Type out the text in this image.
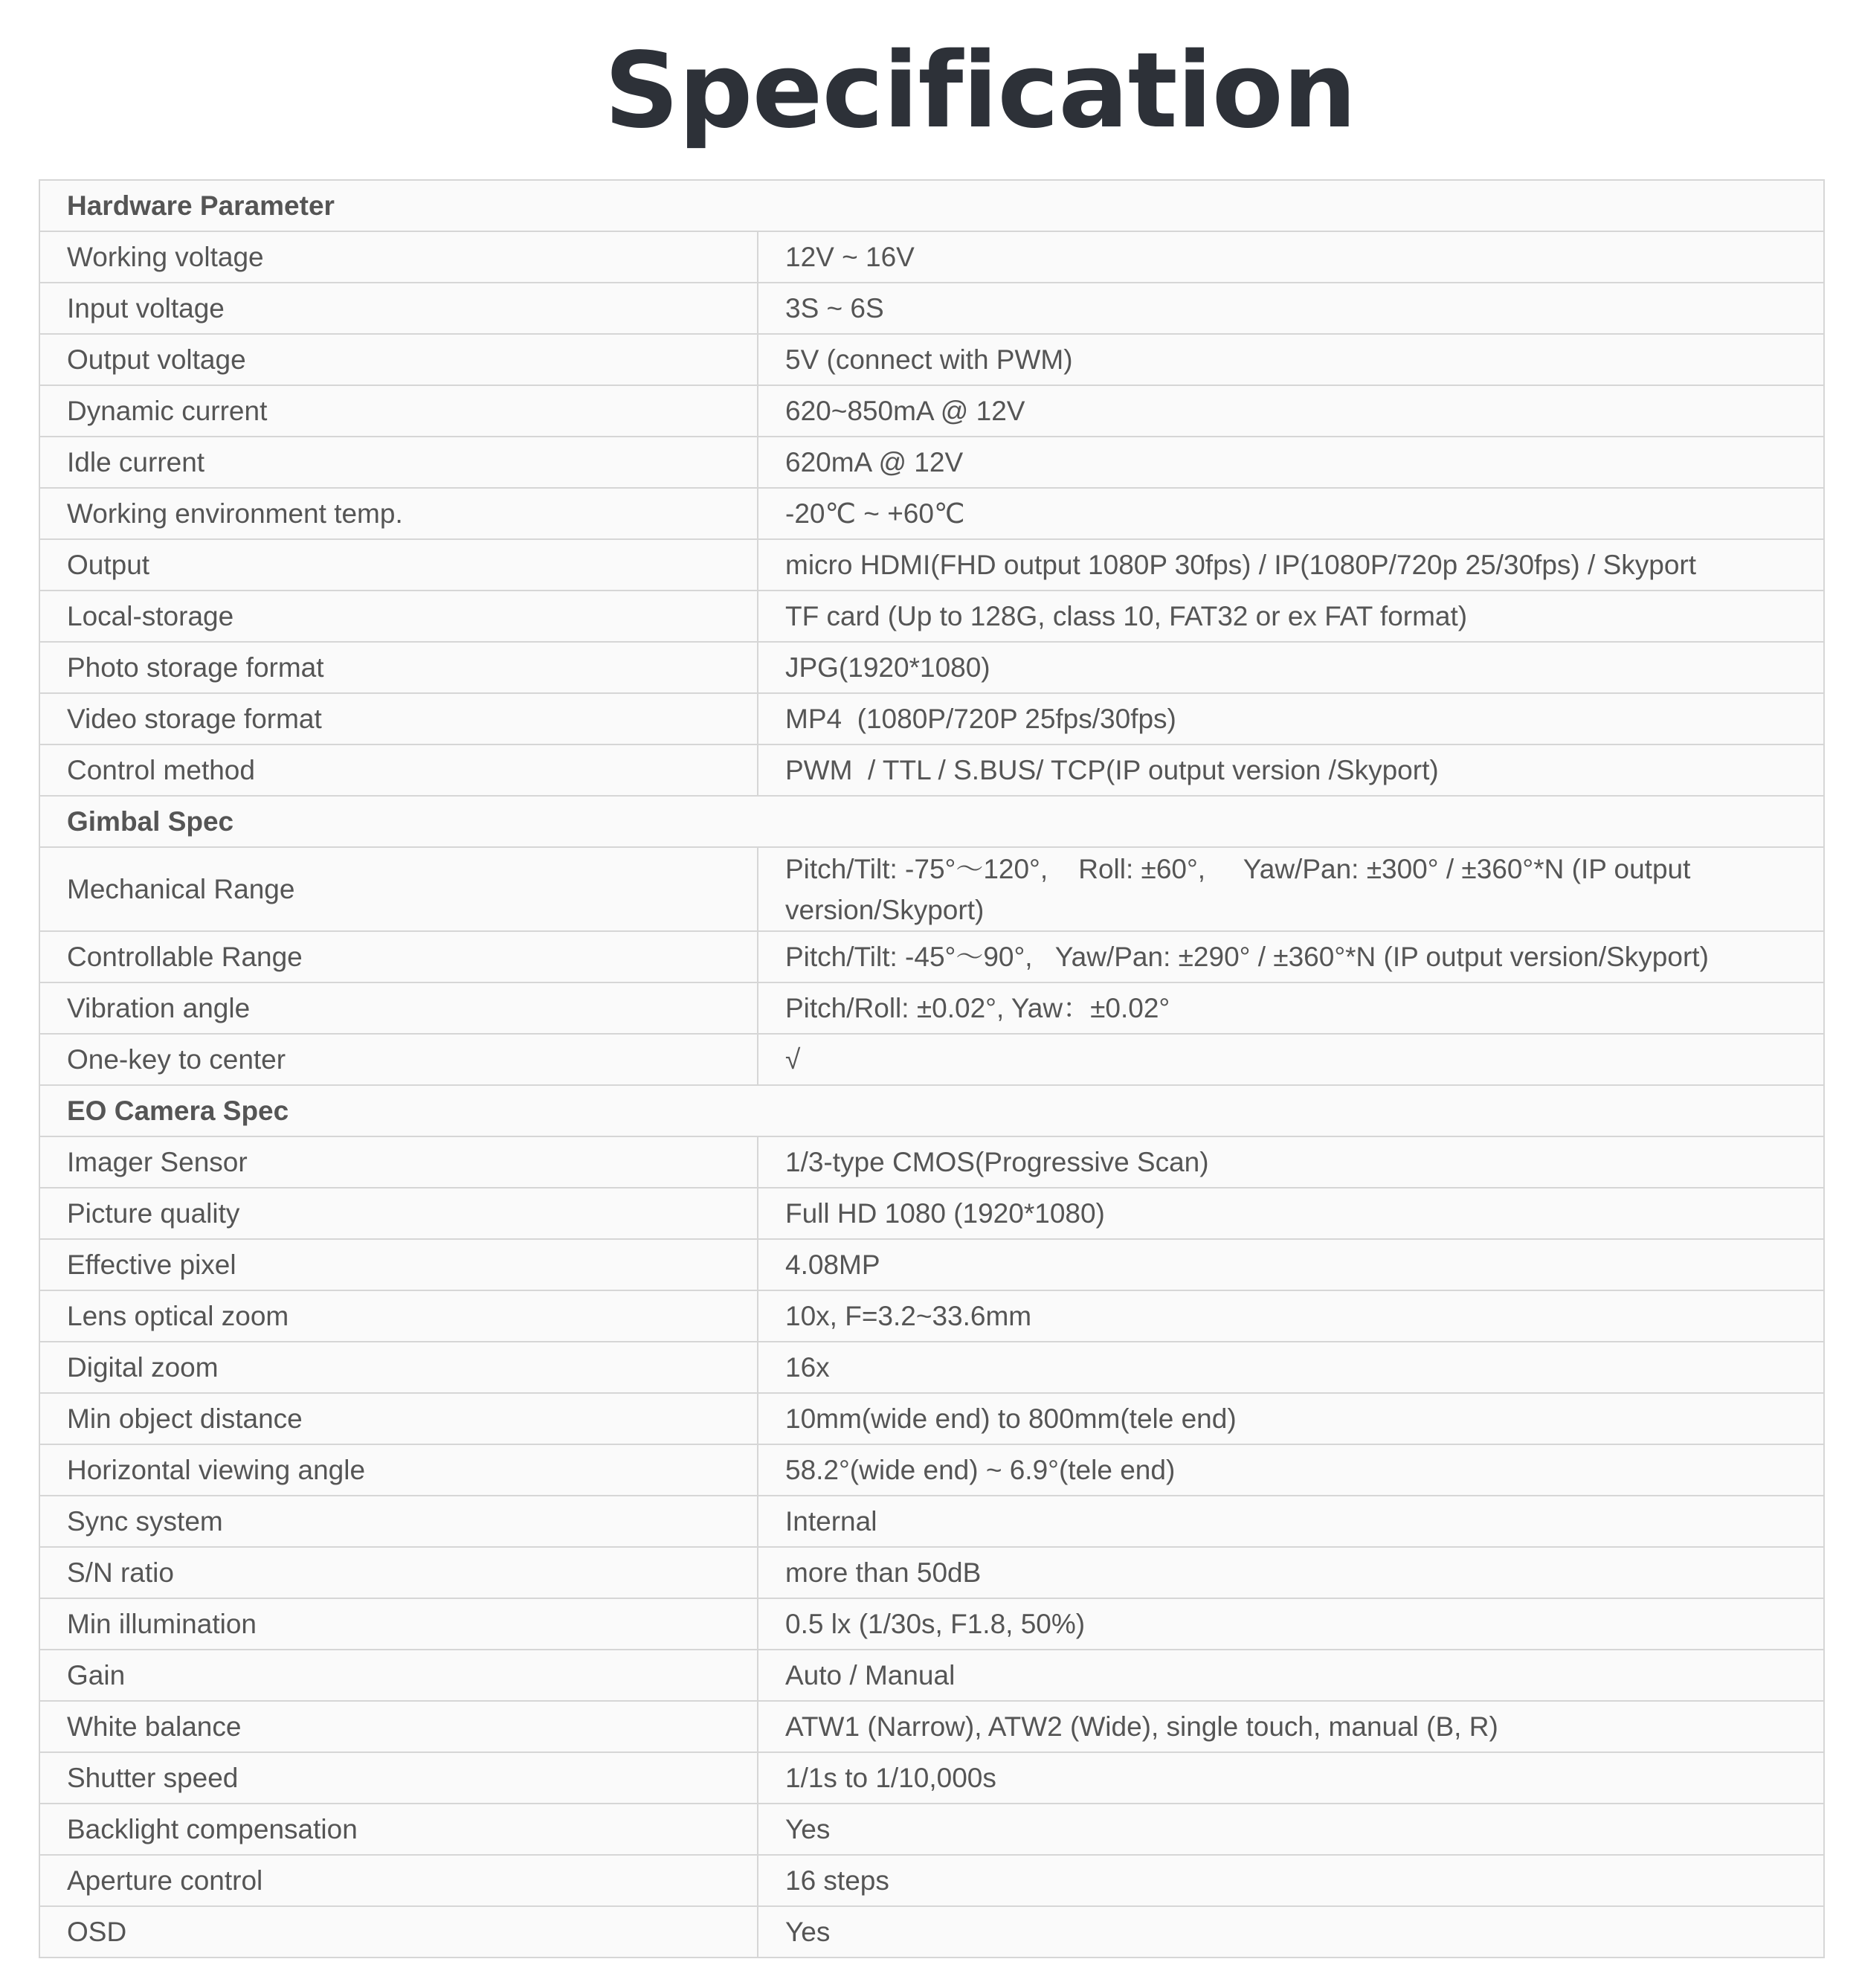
Specification
Hardware Parameter	
Working voltage	12V ~ 16V
Input voltage	3S ~ 6S
Output voltage	5V (connect with PWM)
Dynamic current	620~850mA @ 12V
Idle current	620mA @ 12V
Working environment temp.	-20℃ ~ +60℃
Output	micro HDMI(FHD output 1080P 30fps) / IP(1080P/720p 25/30fps) / Skyport
Local-storage	TF card (Up to 128G, class 10, FAT32 or ex FAT format)
Photo storage format	JPG(1920*1080)
Video storage format	MP4  (1080P/720P 25fps/30fps)
Control method	PWM  / TTL / S.BUS/ TCP(IP output version /Skyport)
Gimbal Spec	
Mechanical Range	Pitch/Tilt: -75°～120°,    Roll: ±60°,     Yaw/Pan: ±300° / ±360°*N (IP output version/Skyport)
Controllable Range	Pitch/Tilt: -45°～90°,   Yaw/Pan: ±290° / ±360°*N (IP output version/Skyport)
Vibration angle	Pitch/Roll: ±0.02°, Yaw：±0.02°
One-key to center	√
EO Camera Spec	
Imager Sensor	1/3-type CMOS(Progressive Scan)
Picture quality	Full HD 1080 (1920*1080)
Effective pixel	4.08MP
Lens optical zoom	10x, F=3.2~33.6mm
Digital zoom	16x
Min object distance	10mm(wide end) to 800mm(tele end)
Horizontal viewing angle	58.2°(wide end) ~ 6.9°(tele end)
Sync system	Internal
S/N ratio	more than 50dB
Min illumination	0.5 lx (1/30s, F1.8, 50%)
Gain	Auto / Manual
White balance	ATW1 (Narrow), ATW2 (Wide), single touch, manual (B, R)
Shutter speed	1/1s to 1/10,000s
Backlight compensation	Yes
Aperture control	16 steps
OSD	Yes
